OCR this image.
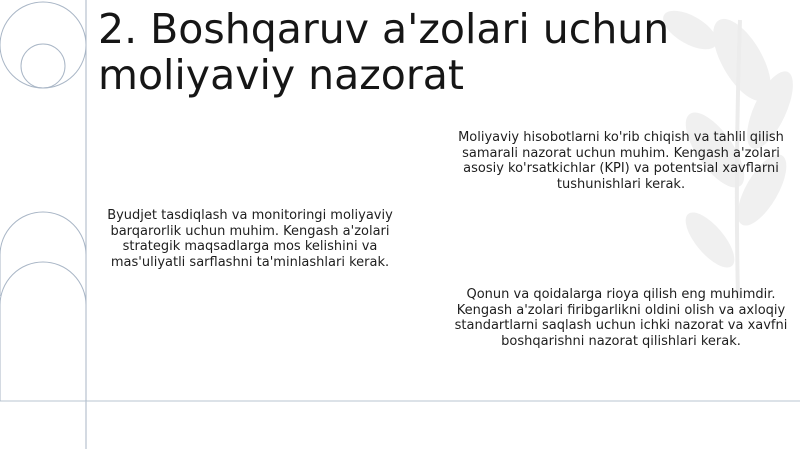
2. Boshqaruv a'zolari uchun moliyaviy nazorat
Byudjet tasdiqlash va monitoringi moliyaviy barqarorlik uchun muhim. Kengash a'zolari strategik maqsadlarga mos kelishini va mas'uliyatli sarflashni ta'minlashlari kerak.
Moliyaviy hisobotlarni ko'rib chiqish va tahlil qilish samarali nazorat uchun muhim. Kengash a'zolari asosiy ko'rsatkichlar (KPI) va potentsial xavflarni tushunishlari kerak.
Qonun va qoidalarga rioya qilish eng muhimdir. Kengash a'zolari firibgarlikni oldini olish va axloqiy standartlarni saqlash uchun ichki nazorat va xavfni boshqarishni nazorat qilishlari kerak.
